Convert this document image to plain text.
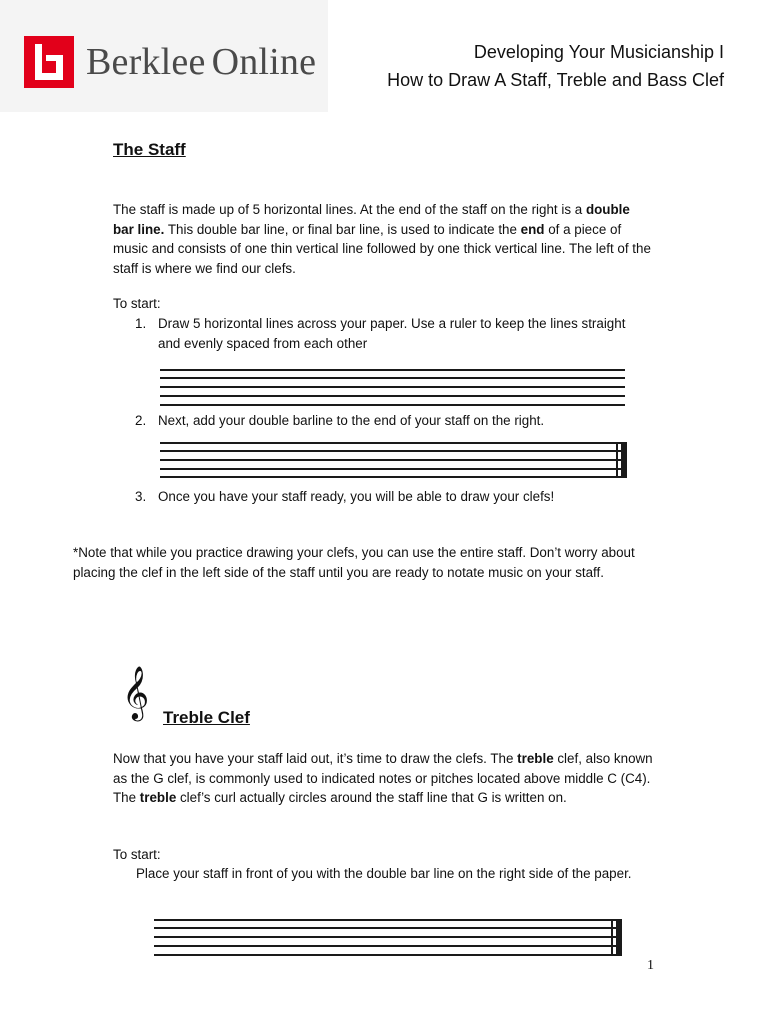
Berklee Online	Developing Your Musicianship I
How to Draw A Staff, Treble and Bass Clef
The Staff
The staff is made up of 5 horizontal lines. At the end of the staff on the right is a double bar line. This double bar line, or final bar line, is used to indicate the end of a piece of music and consists of one thin vertical line followed by one thick vertical line. The left of the staff is where we find our clefs.
To start:
1. Draw 5 horizontal lines across your paper. Use a ruler to keep the lines straight and evenly spaced from each other
2. Next, add your double barline to the end of your staff on the right.
3. Once you have your staff ready, you will be able to draw your clefs!
*Note that while you practice drawing your clefs, you can use the entire staff. Don’t worry about placing the clef in the left side of the staff until you are ready to notate music on your staff.
𝄞 Treble Clef
Now that you have your staff laid out, it’s time to draw the clefs. The treble clef, also known as the G clef, is commonly used to indicated notes or pitches located above middle C (C4). The treble clef’s curl actually circles around the staff line that G is written on.
To start:
Place your staff in front of you with the double bar line on the right side of the paper.
1
